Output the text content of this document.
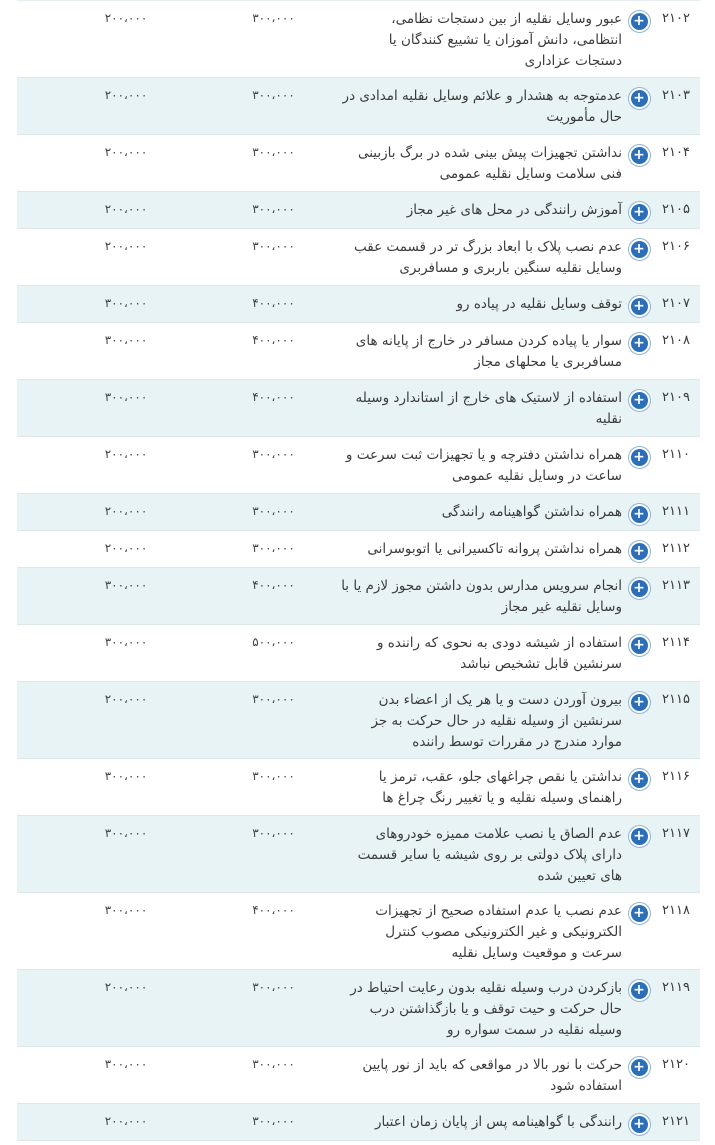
۲۱۰۲
+
عبور وسایل نقلیه از بین دستجات نظامی، انتظامی، دانش آموزان یا تشییع کنندگان یا دستجات عزاداری
۳۰۰،۰۰۰
۲۰۰،۰۰۰
۲۱۰۳
+
عدمتوجه به هشدار و علائم وسایل نقلیه امدادی در حال مأموریت
۳۰۰،۰۰۰
۲۰۰،۰۰۰
۲۱۰۴
+
نداشتن تجهیزات پیش بینی شده در برگ بازبینی فنی سلامت وسایل نقلیه عمومی
۳۰۰،۰۰۰
۲۰۰،۰۰۰
۲۱۰۵
+
آموزش رانندگی در محل های غیر مجاز
۳۰۰،۰۰۰
۲۰۰،۰۰۰
۲۱۰۶
+
عدم نصب پلاک با ابعاد بزرگ تر در قسمت عقب وسایل نقلیه سنگین باربری و مسافربری
۳۰۰،۰۰۰
۲۰۰،۰۰۰
۲۱۰۷
+
توقف وسایل نقلیه در پیاده رو
۴۰۰،۰۰۰
۳۰۰،۰۰۰
۲۱۰۸
+
سوار یا پیاده کردن مسافر در خارج از پایانه های مسافربری یا محلهای مجاز
۴۰۰،۰۰۰
۳۰۰،۰۰۰
۲۱۰۹
+
استفاده از لاستیک های خارج از استاندارد وسیله نقلیه
۴۰۰،۰۰۰
۳۰۰،۰۰۰
۲۱۱۰
+
همراه نداشتن دفترچه و یا تجهیزات ثبت سرعت و ساعت در وسایل نقلیه عمومی
۳۰۰،۰۰۰
۲۰۰،۰۰۰
۲۱۱۱
+
همراه نداشتن گواهینامه رانندگی
۳۰۰،۰۰۰
۲۰۰،۰۰۰
۲۱۱۲
+
همراه نداشتن پروانه تاکسیرانی یا اتوبوسرانی
۳۰۰،۰۰۰
۲۰۰،۰۰۰
۲۱۱۳
+
انجام سرویس مدارس بدون داشتن مجوز لازم یا با وسایل نقلیه غیر مجاز
۴۰۰،۰۰۰
۳۰۰،۰۰۰
۲۱۱۴
+
استفاده از شیشه دودی به نحوی که راننده و سرنشین قابل تشخیص نباشد
۵۰۰،۰۰۰
۳۰۰،۰۰۰
۲۱۱۵
+
بیرون آوردن دست و یا هر یک از اعضاء بدن سرنشین از وسیله نقلیه در حال حرکت به جز موارد مندرج در مقررات توسط راننده
۳۰۰،۰۰۰
۲۰۰،۰۰۰
۲۱۱۶
+
نداشتن یا نقص چراغهای جلو، عقب، ترمز یا راهنمای وسیله نقلیه و یا تغییر رنگ چراغ ها
۳۰۰،۰۰۰
۳۰۰،۰۰۰
۲۱۱۷
+
عدم الصاق یا نصب علامت ممیزه خودروهای دارای پلاک دولتی بر روی شیشه یا سایر قسمت های تعیین شده
۳۰۰،۰۰۰
۳۰۰،۰۰۰
۲۱۱۸
+
عدم نصب یا عدم استفاده صحیح از تجهیزات الکترونیکی و غیر الکترونیکی مصوب کنترل سرعت و موقعیت وسایل نقلیه
۴۰۰،۰۰۰
۳۰۰،۰۰۰
۲۱۱۹
+
بازکردن درب وسیله نقلیه بدون رعایت احتیاط در حال حرکت و حیت توقف و یا بازگذاشتن درب وسیله نقلیه در سمت سواره رو
۳۰۰،۰۰۰
۲۰۰،۰۰۰
۲۱۲۰
+
حرکت با نور بالا در مواقعی که باید از نور پایین استفاده شود
۳۰۰،۰۰۰
۳۰۰،۰۰۰
۲۱۲۱
+
رانندگی با گواهینامه پس از پایان زمان اعتبار
۳۰۰،۰۰۰
۲۰۰،۰۰۰
